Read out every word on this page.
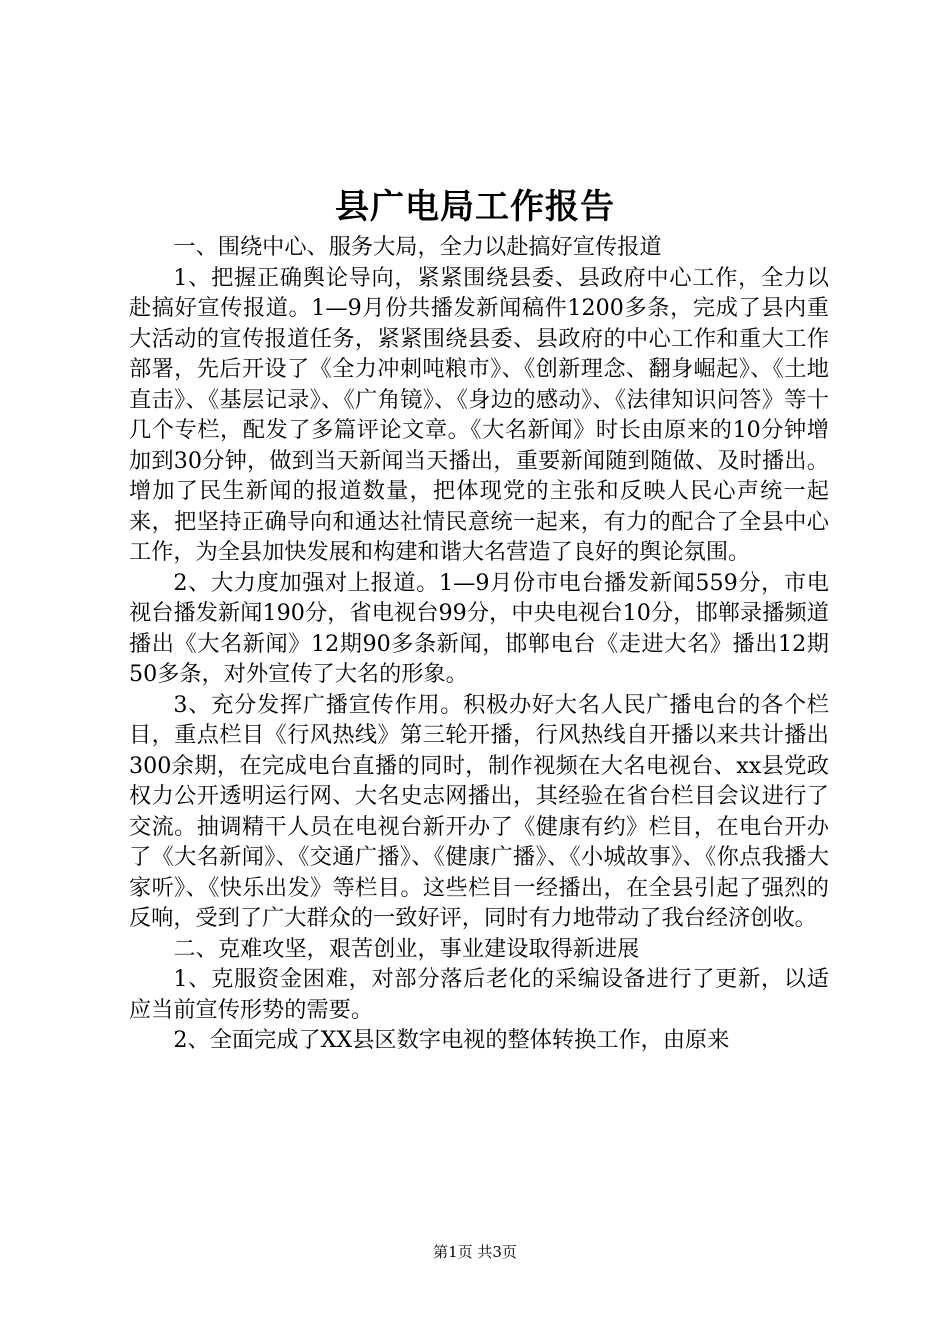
县广电局工作报告

一、围绕中心、服务大局，全力以赴搞好宣传报道

1、把握正确舆论导向，紧紧围绕县委、县政府中心工作，全力以赴搞好宣传报道。1—9月份共播发新闻稿件1200多条，完成了县内重大活动的宣传报道任务，紧紧围绕县委、县政府的中心工作和重大工作部署，先后开设了《全力冲刺吨粮市》、《创新理念、翻身崛起》、《土地直击》、《基层记录》、《广角镜》、《身边的感动》、《法律知识问答》等十几个专栏，配发了多篇评论文章。《大名新闻》时长由原来的10分钟增加到30分钟，做到当天新闻当天播出，重要新闻随到随做、及时播出。增加了民生新闻的报道数量，把体现党的主张和反映人民心声统一起来，把坚持正确导向和通达社情民意统一起来，有力的配合了全县中心工作，为全县加快发展和构建和谐大名营造了良好的舆论氛围。

2、大力度加强对上报道。1—9月份市电台播发新闻559分，市电视台播发新闻190分，省电视台99分，中央电视台10分，邯郸录播频道播出《大名新闻》12期90多条新闻，邯郸电台《走进大名》播出12期50多条，对外宣传了大名的形象。

3、充分发挥广播宣传作用。积极办好大名人民广播电台的各个栏目，重点栏目《行风热线》第三轮开播，行风热线自开播以来共计播出300余期，在完成电台直播的同时，制作视频在大名电视台、xx县党政权力公开透明运行网、大名史志网播出，其经验在省台栏目会议进行了交流。抽调精干人员在电视台新开办了《健康有约》栏目，在电台开办了《大名新闻》、《交通广播》、《健康广播》、《小城故事》、《你点我播大家听》、《快乐出发》等栏目。这些栏目一经播出，在全县引起了强烈的反响，受到了广大群众的一致好评，同时有力地带动了我台经济创收。

二、克难攻坚，艰苦创业，事业建设取得新进展

1、克服资金困难，对部分落后老化的采编设备进行了更新，以适应当前宣传形势的需要。

2、全面完成了XX县区数字电视的整体转换工作，由原来

第1页 共3页
